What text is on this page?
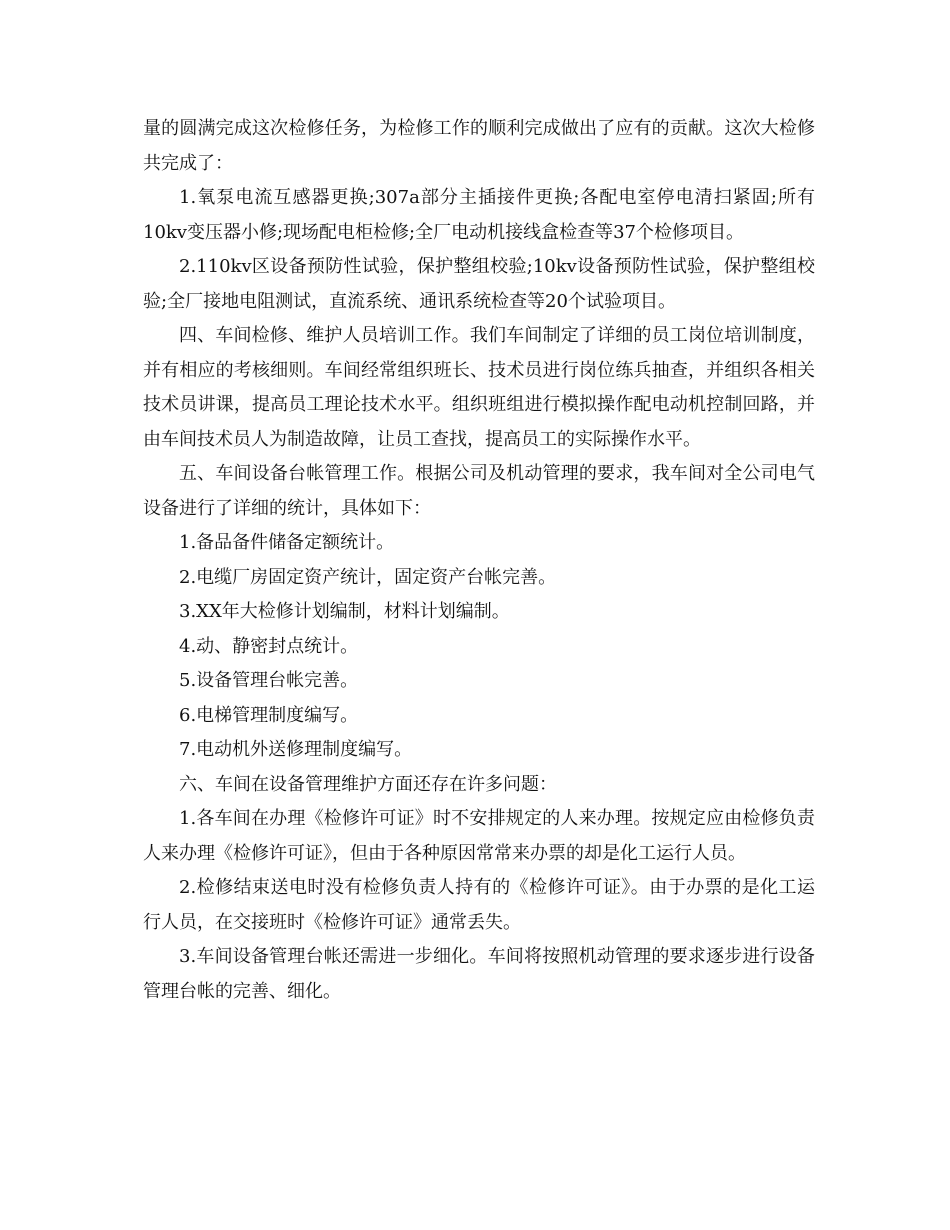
量的圆满完成这次检修任务，为检修工作的顺利完成做出了应有的贡献。这次大检修共完成了：

1.氧泵电流互感器更换;307a部分主插接件更换;各配电室停电清扫紧固;所有10kv变压器小修;现场配电柜检修;全厂电动机接线盒检查等37个检修项目。

2.110kv区设备预防性试验，保护整组校验;10kv设备预防性试验，保护整组校验;全厂接地电阻测试，直流系统、通讯系统检查等20个试验项目。

四、车间检修、维护人员培训工作。我们车间制定了详细的员工岗位培训制度，并有相应的考核细则。车间经常组织班长、技术员进行岗位练兵抽查，并组织各相关技术员讲课，提高员工理论技术水平。组织班组进行模拟操作配电动机控制回路，并由车间技术员人为制造故障，让员工查找，提高员工的实际操作水平。

五、车间设备台帐管理工作。根据公司及机动管理的要求，我车间对全公司电气设备进行了详细的统计，具体如下：

1.备品备件储备定额统计。

2.电缆厂房固定资产统计，固定资产台帐完善。

3.XX年大检修计划编制，材料计划编制。

4.动、静密封点统计。

5.设备管理台帐完善。

6.电梯管理制度编写。

7.电动机外送修理制度编写。

六、车间在设备管理维护方面还存在许多问题：

1.各车间在办理《检修许可证》时不安排规定的人来办理。按规定应由检修负责人来办理《检修许可证》，但由于各种原因常常来办票的却是化工运行人员。

2.检修结束送电时没有检修负责人持有的《检修许可证》。由于办票的是化工运行人员，在交接班时《检修许可证》通常丢失。

3.车间设备管理台帐还需进一步细化。车间将按照机动管理的要求逐步进行设备管理台帐的完善、细化。
